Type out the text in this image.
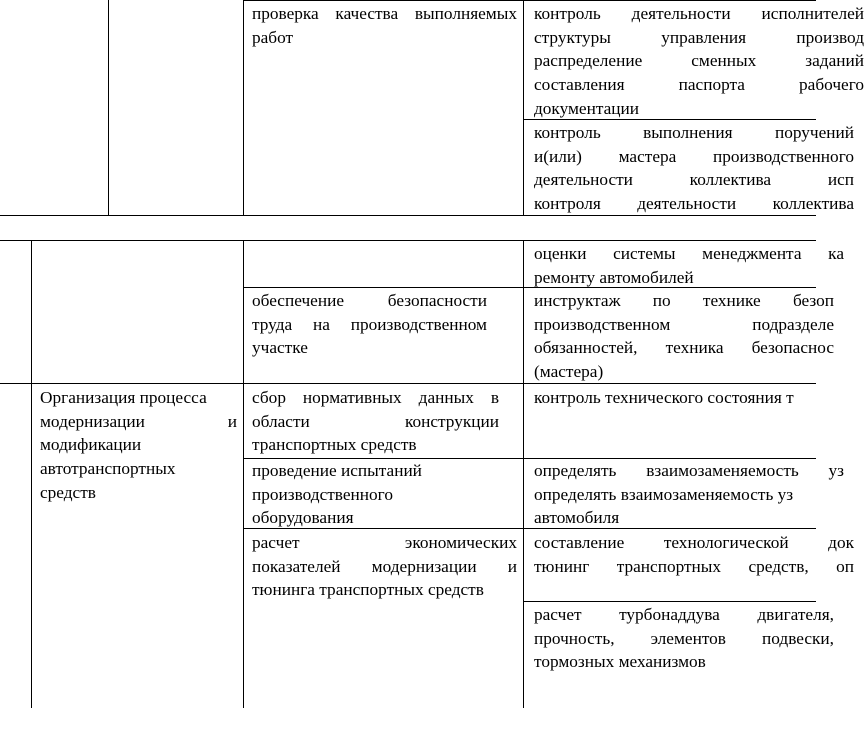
проверка качества выполняемых
работ
контроль деятельности исполнителей
структуры управления производ
распределение сменных заданий
составления паспорта рабочего
документации
контроль выполнения поручений
и(или) мастера производственного
деятельности коллектива исп
контроля деятельности коллектива
оценки системы менеджмента ка
ремонту автомобилей
обеспечение безопасности
труда на производственном
участке
инструктаж по технике безоп
производственном подразделе
обязанностей, техника безопаснос
(мастера)
Организация процесса
модернизации и
модификации
автотранспортных
средств
сбор нормативных данных в
области конструкции
транспортных средств
контроль технического состояния т
проведение испытаний
производственного
оборудования
определять взаимозаменяемость уз
определять взаимозаменяемость уз
автомобиля
расчет экономических
показателей модернизации и
тюнинга транспортных средств
составление технологической док
тюнинг транспортных средств, оп
расчет турбонаддува двигателя,
прочность, элементов подвески,
тормозных механизмов
